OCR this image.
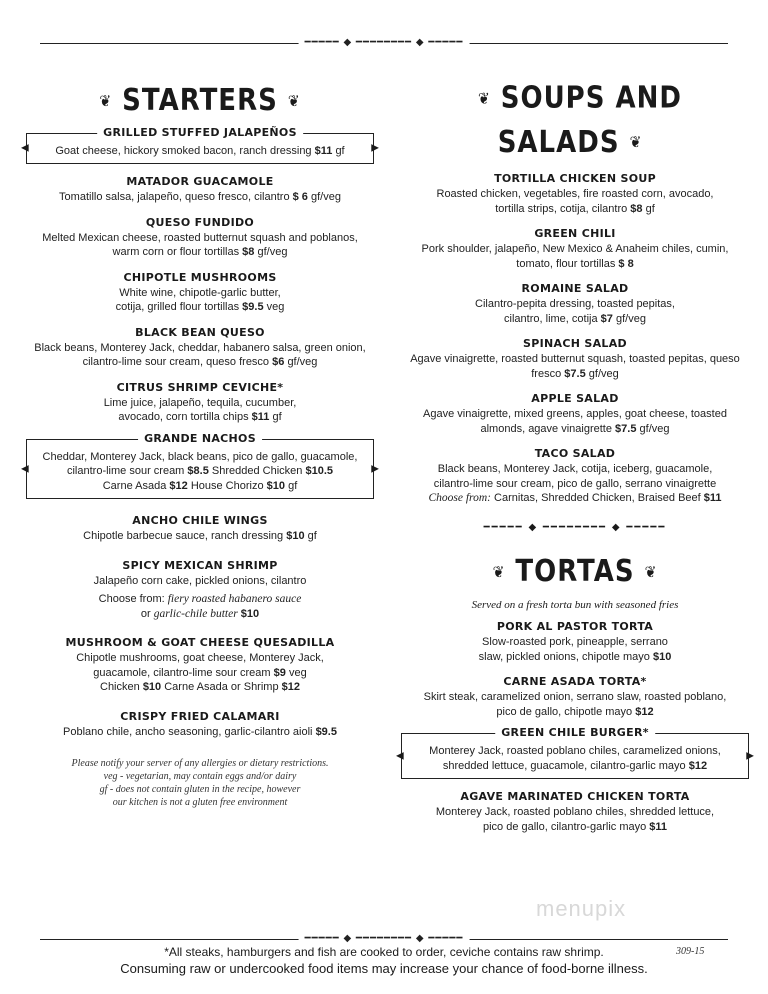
━━━━━ ◆ ━━━━━━━━ ◆ ━━━━━
❦ STARTERS ❦
◀	▶
GRILLED STUFFED JALAPEÑOS
Goat cheese, hickory smoked bacon, ranch dressing $11 gf
MATADOR GUACAMOLE
Tomatillo salsa, jalapeño, queso fresco, cilantro $ 6 gf/veg
QUESO FUNDIDO
Melted Mexican cheese, roasted butternut squash and poblanos, warm corn or flour tortillas $8 gf/veg
CHIPOTLE MUSHROOMS
White wine, chipotle-garlic butter, cotija, grilled flour tortillas $9.5 veg
BLACK BEAN QUESO
Black beans, Monterey Jack, cheddar, habanero salsa, green onion, cilantro-lime sour cream, queso fresco $6 gf/veg
CITRUS SHRIMP CEVICHE*
Lime juice, jalapeño, tequila, cucumber, avocado, corn tortilla chips $11 gf
◀	▶
GRANDE NACHOS
Cheddar, Monterey Jack, black beans, pico de gallo, guacamole,
cilantro-lime sour cream $8.5 Shredded Chicken $10.5
Carne Asada $12 House Chorizo $10 gf
ANCHO CHILE WINGS
Chipotle barbecue sauce, ranch dressing $10 gf
SPICY MEXICAN SHRIMP
Jalapeño corn cake, pickled onions, cilantro
Choose from: fiery roasted habanero sauce
or garlic-chile butter $10
MUSHROOM & GOAT CHEESE QUESADILLA
Chipotle mushrooms, goat cheese, Monterey Jack, guacamole, cilantro-lime sour cream $9 veg
Chicken $10 Carne Asada or Shrimp $12
CRISPY FRIED CALAMARI
Poblano chile, ancho seasoning, garlic-cilantro aioli $9.5
Please notify your server of any allergies or dietary restrictions.
veg - vegetarian, may contain eggs and/or dairy
gf - does not contain gluten in the recipe, however
our kitchen is not a gluten free environment
❦ SOUPS AND SALADS ❦
TORTILLA CHICKEN SOUP
Roasted chicken, vegetables, fire roasted corn, avocado, tortilla strips, cotija, cilantro $8 gf
GREEN CHILI
Pork shoulder, jalapeño, New Mexico & Anaheim chiles, cumin, tomato, flour tortillas $ 8
ROMAINE SALAD
Cilantro-pepita dressing, toasted pepitas, cilantro, lime, cotija $7 gf/veg
SPINACH SALAD
Agave vinaigrette, roasted butternut squash, toasted pepitas, queso fresco $7.5 gf/veg
APPLE SALAD
Agave vinaigrette, mixed greens, apples, goat cheese, toasted almonds, agave vinaigrette $7.5 gf/veg
TACO SALAD
Black beans, Monterey Jack, cotija, iceberg, guacamole, cilantro-lime sour cream, pico de gallo, serrano vinaigrette
Choose from: Carnitas, Shredded Chicken, Braised Beef $11
━━━━━ ◆ ━━━━━━━━ ◆ ━━━━━
❦ TORTAS ❦
Served on a fresh torta bun with seasoned fries
PORK AL PASTOR TORTA
Slow-roasted pork, pineapple, serrano slaw, pickled onions, chipotle mayo $10
CARNE ASADA TORTA*
Skirt steak, caramelized onion, serrano slaw, roasted poblano, pico de gallo, chipotle mayo $12
◀	▶
GREEN CHILE BURGER*
Monterey Jack, roasted poblano chiles, caramelized onions, shredded lettuce, guacamole, cilantro-garlic mayo $12
AGAVE MARINATED CHICKEN TORTA
Monterey Jack, roasted poblano chiles, shredded lettuce, pico de gallo, cilantro-garlic mayo $11
menupix
━━━━━ ◆ ━━━━━━━━ ◆ ━━━━━
*All steaks, hamburgers and fish are cooked to order, ceviche contains raw shrimp.
Consuming raw or undercooked food items may increase your chance of food-borne illness.
309-15
